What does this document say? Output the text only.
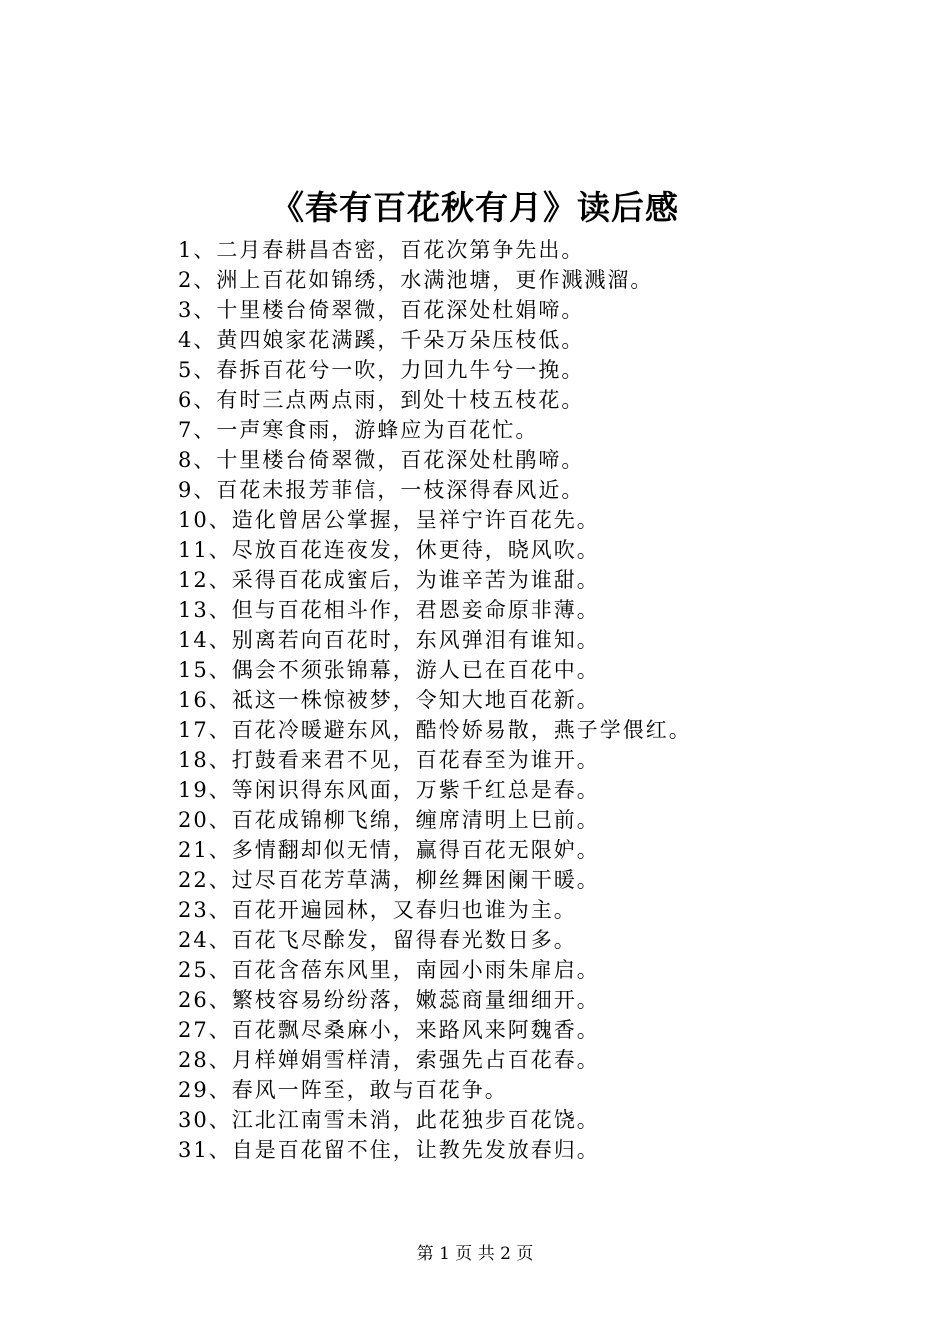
《春有百花秋有月》读后感
1、二月春耕昌杏密，百花次第争先出。
2、洲上百花如锦绣，水满池塘，更作溅溅溜。
3、十里楼台倚翠微，百花深处杜娟啼。
4、黄四娘家花满蹊，千朵万朵压枝低。
5、春拆百花兮一吹，力回九牛兮一挽。
6、有时三点两点雨，到处十枝五枝花。
7、一声寒食雨，游蜂应为百花忙。
8、十里楼台倚翠微，百花深处杜鹃啼。
9、百花未报芳菲信，一枝深得春风近。
10、造化曾居公掌握，呈祥宁许百花先。
11、尽放百花连夜发，休更待，晓风吹。
12、采得百花成蜜后，为谁辛苦为谁甜。
13、但与百花相斗作，君恩妾命原非薄。
14、别离若向百花时，东风弹泪有谁知。
15、偶会不须张锦幕，游人已在百花中。
16、祗这一株惊被梦，令知大地百花新。
17、百花冷暖避东风，酷怜娇易散，燕子学偎红。
18、打鼓看来君不见，百花春至为谁开。
19、等闲识得东风面，万紫千红总是春。
20、百花成锦柳飞绵，缠席清明上巳前。
21、多情翻却似无情，赢得百花无限妒。
22、过尽百花芳草满，柳丝舞困阑干暖。
23、百花开遍园林，又春归也谁为主。
24、百花飞尽酴发，留得春光数日多。
25、百花含蓓东风里，南园小雨朱扉启。
26、繁枝容易纷纷落，嫩蕊商量细细开。
27、百花飘尽桑麻小，来路风来阿魏香。
28、月样婵娟雪样清，索强先占百花春。
29、春风一阵至，敢与百花争。
30、江北江南雪未消，此花独步百花饶。
31、自是百花留不住，让教先发放春归。
第 1 页 共 2 页
